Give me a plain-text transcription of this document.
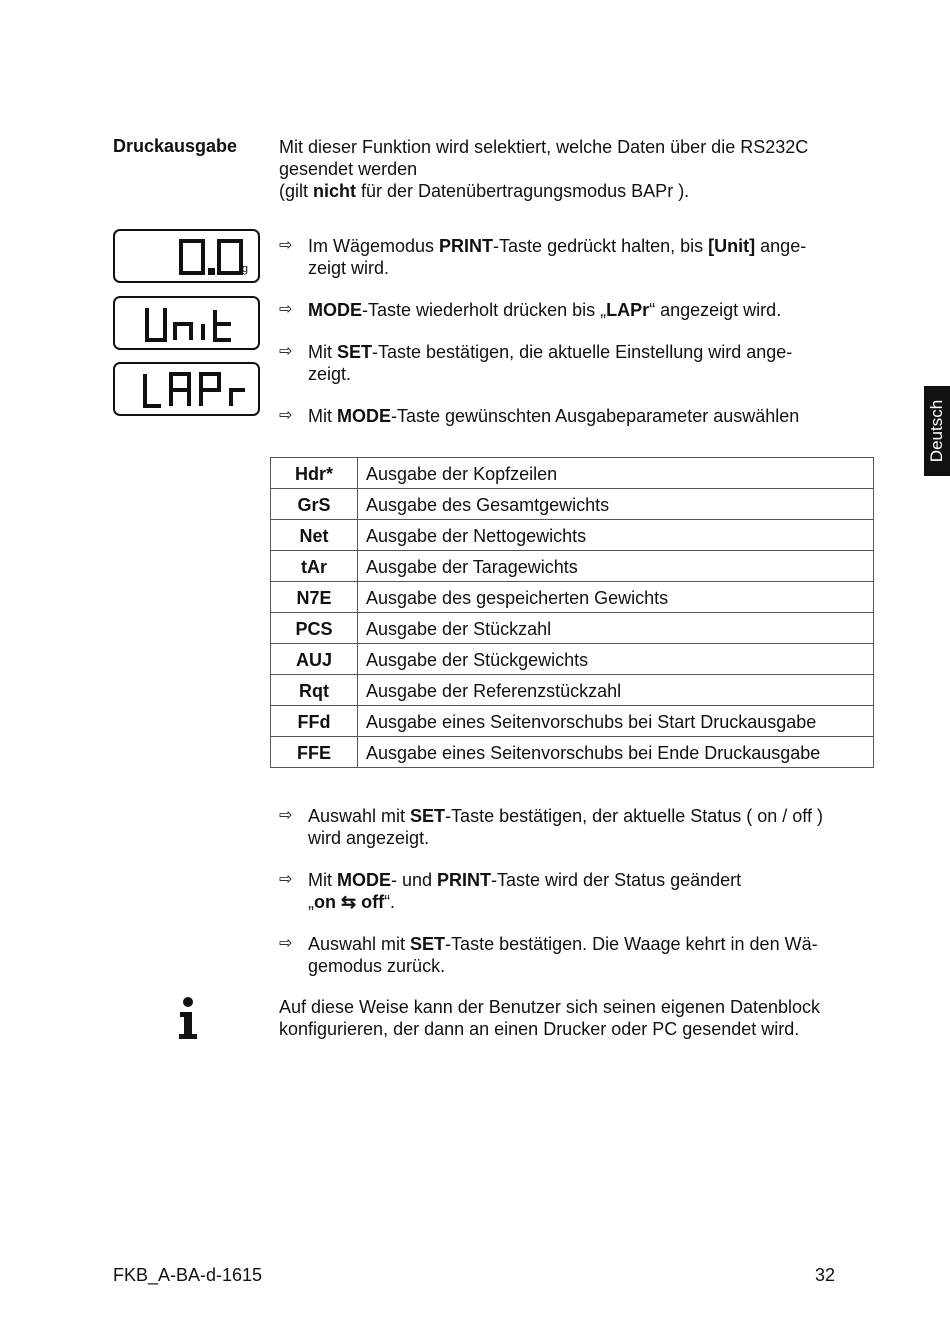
Druckausgabe Mit dieser Funktion wird selektiert, welche Daten über die RS232C
gesendet werden
(gilt nicht für der Datenübertragungsmodus BAPr ).
g
⇨ Im Wägemodus PRINT-Taste gedrückt halten, bis [Unit] ange-
zeigt wird.
⇨ MODE-Taste wiederholt drücken bis „LAPr“ angezeigt wird.
⇨ Mit SET-Taste bestätigen, die aktuelle Einstellung wird ange-
zeigt.
⇨ Mit MODE-Taste gewünschten Ausgabeparameter auswählen
Hdr*	Ausgabe der Kopfzeilen
GrS	Ausgabe des Gesamtgewichts
Net	Ausgabe der Nettogewichts
tAr	Ausgabe der Taragewichts
N7E	Ausgabe des gespeicherten Gewichts
PCS	Ausgabe der Stückzahl
AUJ	Ausgabe der Stückgewichts
Rqt	Ausgabe der Referenzstückzahl
FFd	Ausgabe eines Seitenvorschubs bei Start Druckausgabe
FFE	Ausgabe eines Seitenvorschubs bei Ende Druckausgabe
⇨ Auswahl mit SET-Taste bestätigen, der aktuelle Status ( on / off )
wird angezeigt.
⇨ Mit MODE- und PRINT-Taste wird der Status geändert
„on ⇆ off“.
⇨ Auswahl mit SET-Taste bestätigen. Die Waage kehrt in den Wä-
gemodus zurück.
Auf diese Weise kann der Benutzer sich seinen eigenen Datenblock
konfigurieren, der dann an einen Drucker oder PC gesendet wird.
Deutsch
FKB_A-BA-d-1615	32
